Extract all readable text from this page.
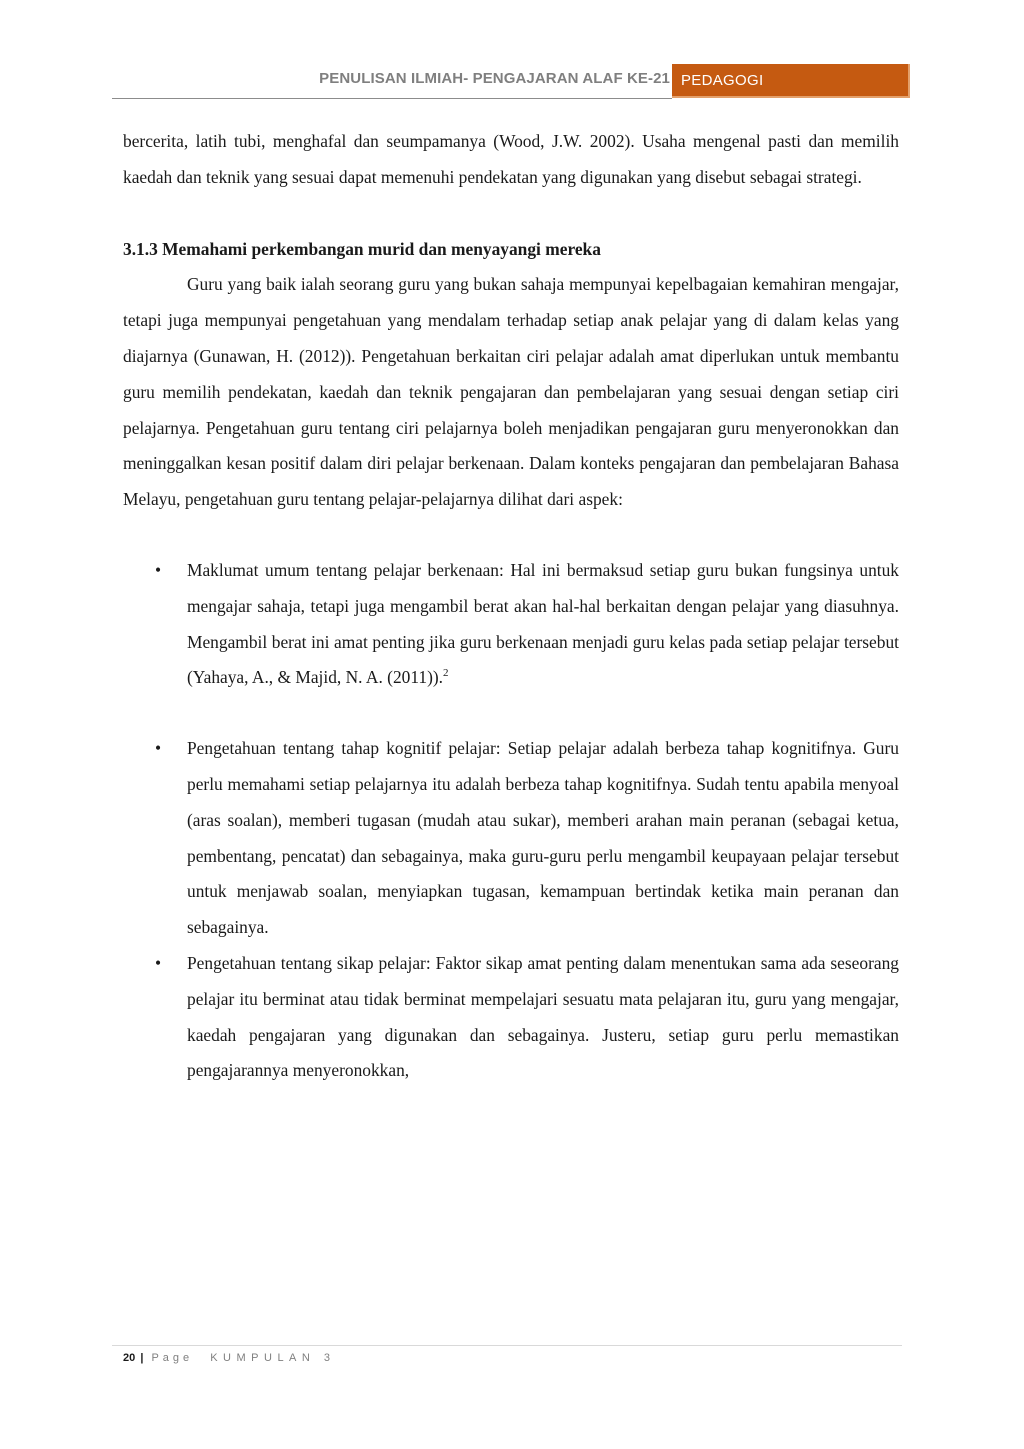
PENULISAN ILMIAH- PENGAJARAN ALAF KE-21 PEDAGOGI

bercerita, latih tubi, menghafal dan seumpamanya (Wood, J.W. 2002). Usaha mengenal pasti dan memilih kaedah dan teknik yang sesuai dapat memenuhi pendekatan yang digunakan yang disebut sebagai strategi.

3.1.3 Memahami perkembangan murid dan menyayangi mereka

Guru yang baik ialah seorang guru yang bukan sahaja mempunyai kepelbagaian kemahiran mengajar, tetapi juga mempunyai pengetahuan yang mendalam terhadap setiap anak pelajar yang di dalam kelas yang diajarnya (Gunawan, H. (2012)). Pengetahuan berkaitan ciri pelajar adalah amat diperlukan untuk membantu guru memilih pendekatan, kaedah dan teknik pengajaran dan pembelajaran yang sesuai dengan setiap ciri pelajarnya. Pengetahuan guru tentang ciri pelajarnya boleh menjadikan pengajaran guru menyeronokkan dan meninggalkan kesan positif dalam diri pelajar berkenaan. Dalam konteks pengajaran dan pembelajaran Bahasa Melayu, pengetahuan guru tentang pelajar-pelajarnya dilihat dari aspek:

• Maklumat umum tentang pelajar berkenaan: Hal ini bermaksud setiap guru bukan fungsinya untuk mengajar sahaja, tetapi juga mengambil berat akan hal-hal berkaitan dengan pelajar yang diasuhnya. Mengambil berat ini amat penting jika guru berkenaan menjadi guru kelas pada setiap pelajar tersebut (Yahaya, A., & Majid, N. A. (2011)).$^2$
• Pengetahuan tentang tahap kognitif pelajar: Setiap pelajar adalah berbeza tahap kognitifnya. Guru perlu memahami setiap pelajarnya itu adalah berbeza tahap kognitifnya. Sudah tentu apabila menyoal (aras soalan), memberi tugasan (mudah atau sukar), memberi arahan main peranan (sebagai ketua, pembentang, pencatat) dan sebagainya, maka guru-guru perlu mengambil keupayaan pelajar tersebut untuk menjawab soalan, menyiapkan tugasan, kemampuan bertindak ketika main peranan dan sebagainya.
• Pengetahuan tentang sikap pelajar: Faktor sikap amat penting dalam menentukan sama ada seseorang pelajar itu berminat atau tidak berminat mempelajari sesuatu mata pelajaran itu, guru yang mengajar, kaedah pengajaran yang digunakan dan sebagainya. Justeru, setiap guru perlu memastikan pengajarannya menyeronokkan,
20 | Page KUMPULAN 3
